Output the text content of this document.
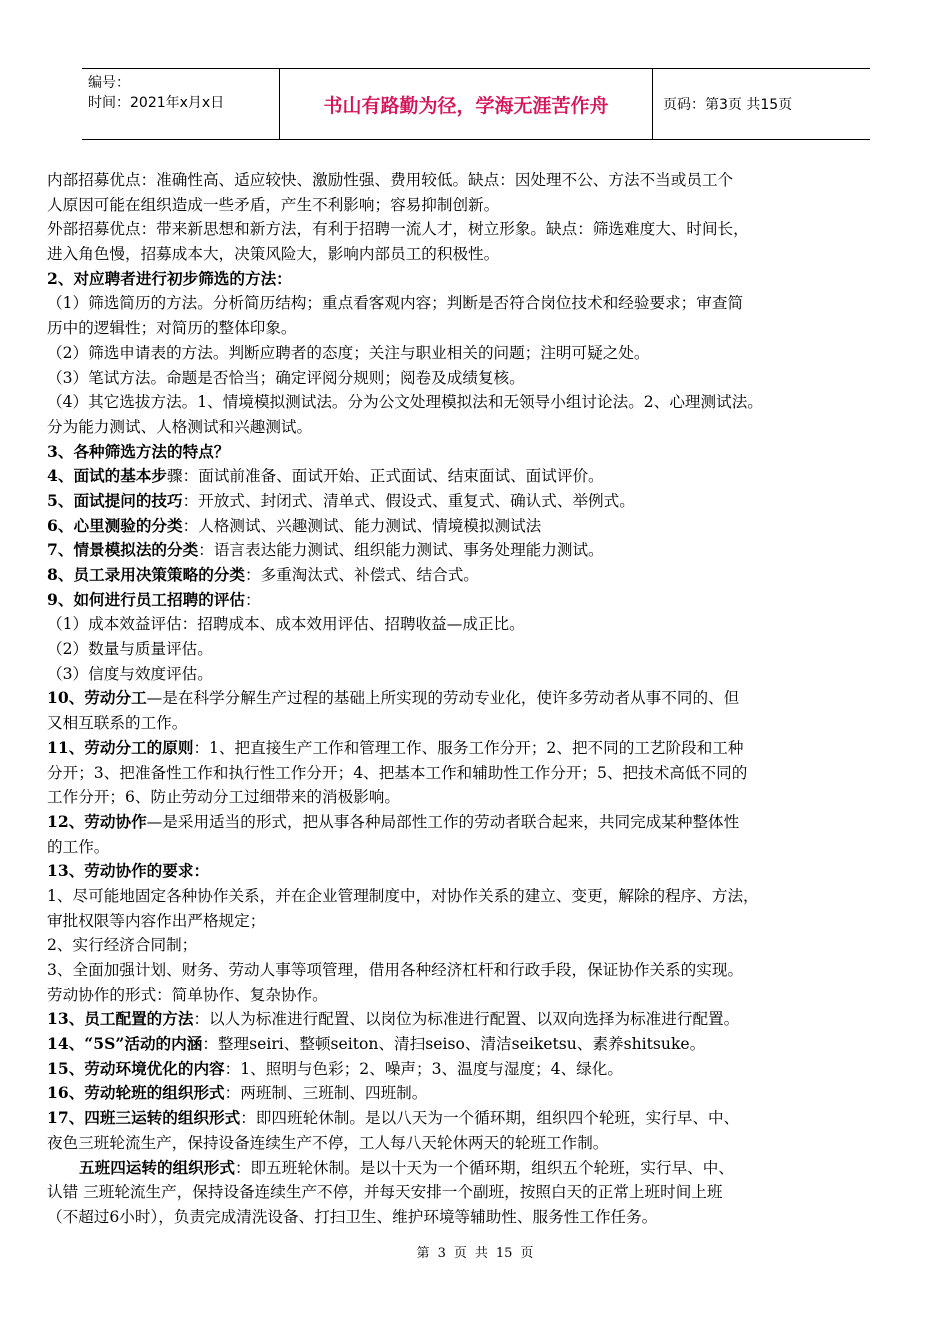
编号：
时间：2021年x月x日	书山有路勤为径，学海无涯苦作舟	页码：第3页 共15页
内部招募优点：准确性高、适应较快、激励性强、费用较低。缺点：因处理不公、方法不当或员工个
人原因可能在组织造成一些矛盾，产生不利影响；容易抑制创新。
外部招募优点：带来新思想和新方法，有利于招聘一流人才，树立形象。缺点：筛选难度大、时间长，
进入角色慢，招募成本大，决策风险大，影响内部员工的积极性。
2、对应聘者进行初步筛选的方法：
（1）筛选简历的方法。分析简历结构；重点看客观内容；判断是否符合岗位技术和经验要求；审查简
历中的逻辑性；对简历的整体印象。
（2）筛选申请表的方法。判断应聘者的态度；关注与职业相关的问题；注明可疑之处。
（3）笔试方法。命题是否恰当；确定评阅分规则；阅卷及成绩复核。
（4）其它选拔方法。1、情境模拟测试法。分为公文处理模拟法和无领导小组讨论法。2、心理测试法。
分为能力测试、人格测试和兴趣测试。
3、各种筛选方法的特点？
4、面试的基本步骤：面试前准备、面试开始、正式面试、结束面试、面试评价。
5、面试提问的技巧：开放式、封闭式、清单式、假设式、重复式、确认式、举例式。
6、心里测验的分类：人格测试、兴趣测试、能力测试、情境模拟测试法
7、情景模拟法的分类：语言表达能力测试、组织能力测试、事务处理能力测试。
8、员工录用决策策略的分类：多重淘汰式、补偿式、结合式。
9、如何进行员工招聘的评估：
（1）成本效益评估：招聘成本、成本效用评估、招聘收益—成正比。
（2）数量与质量评估。
（3）信度与效度评估。
10、劳动分工—是在科学分解生产过程的基础上所实现的劳动专业化，使许多劳动者从事不同的、但
又相互联系的工作。
11、劳动分工的原则：1、把直接生产工作和管理工作、服务工作分开；2、把不同的工艺阶段和工种
分开；3、把准备性工作和执行性工作分开；4、把基本工作和辅助性工作分开；5、把技术高低不同的
工作分开；6、防止劳动分工过细带来的消极影响。
12、劳动协作—是采用适当的形式，把从事各种局部性工作的劳动者联合起来，共同完成某种整体性
的工作。
13、劳动协作的要求：
1、尽可能地固定各种协作关系，并在企业管理制度中，对协作关系的建立、变更，解除的程序、方法，
审批权限等内容作出严格规定；
2、实行经济合同制；
3、全面加强计划、财务、劳动人事等项管理，借用各种经济杠杆和行政手段，保证协作关系的实现。
劳动协作的形式：简单协作、复杂协作。
13、员工配置的方法：以人为标准进行配置、以岗位为标准进行配置、以双向选择为标准进行配置。
14、“5S”活动的内涵：整理seiri、整顿seiton、清扫seiso、清洁seiketsu、素养shitsuke。
15、劳动环境优化的内容：1、照明与色彩；2、噪声；3、温度与湿度；4、绿化。
16、劳动轮班的组织形式：两班制、三班制、四班制。
17、四班三运转的组织形式：即四班轮休制。是以八天为一个循环期，组织四个轮班，实行早、中、
夜色三班轮流生产，保持设备连续生产不停，工人每八天轮休两天的轮班工作制。
五班四运转的组织形式：即五班轮休制。是以十天为一个循环期，组织五个轮班，实行早、中、
认错 三班轮流生产，保持设备连续生产不停，并每天安排一个副班，按照白天的正常上班时间上班
（不超过6小时），负责完成清洗设备、打扫卫生、维护环境等辅助性、服务性工作任务。
第 3 页 共 15 页
